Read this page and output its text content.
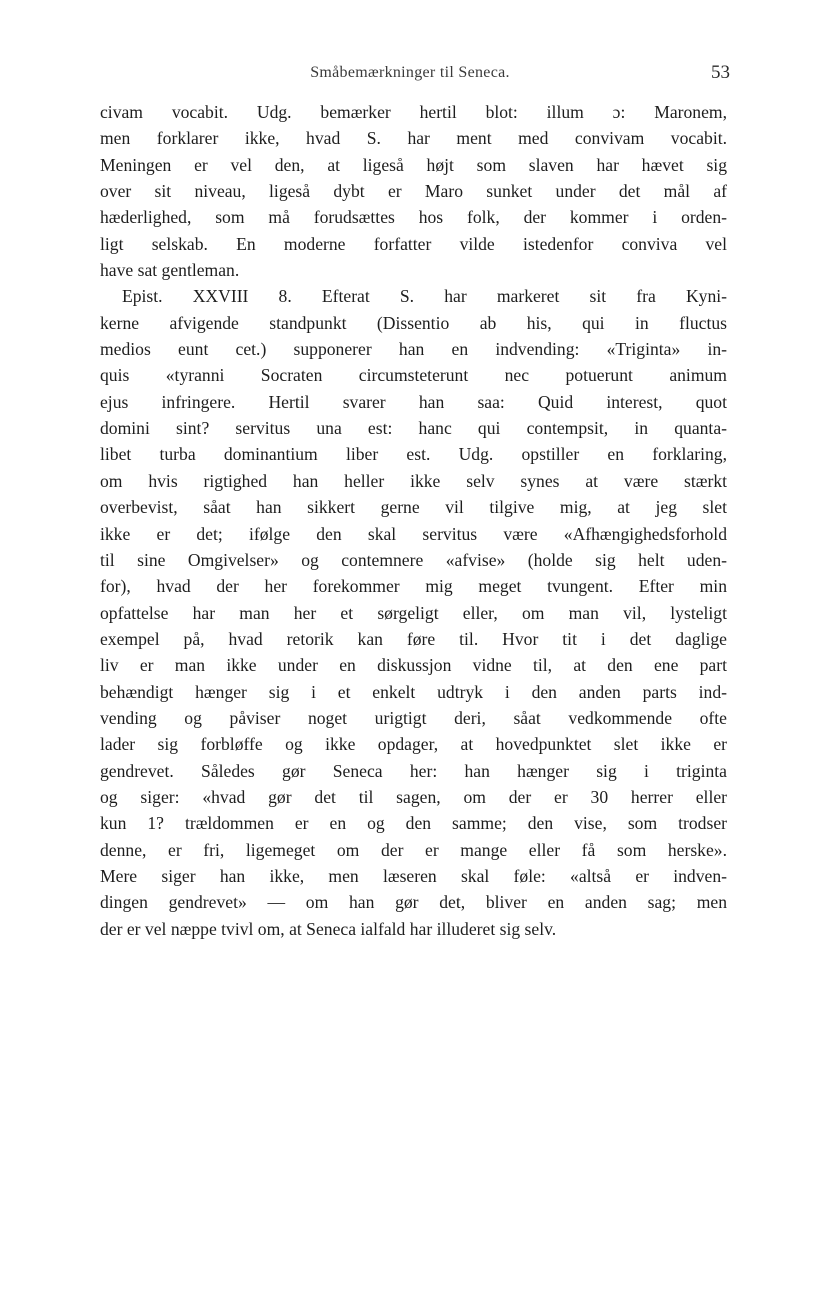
Småbemærkninger til Seneca.	53
civam vocabit. Udg. bemærker hertil blot: illum ɔ: Maronem,
men forklarer ikke, hvad S. har ment med convivam vocabit.
Meningen er vel den, at ligeså højt som slaven har hævet sig
over sit niveau, ligeså dybt er Maro sunket under det mål af
hæderlighed, som må forudsættes hos folk, der kommer i orden-
ligt selskab. En moderne forfatter vilde istedenfor conviva vel
have sat gentleman.
Epist. XXVIII 8. Efterat S. har markeret sit fra Kyni-
kerne afvigende standpunkt (Dissentio ab his, qui in fluctus
medios eunt cet.) supponerer han en indvending: «Triginta» in-
quis «tyranni Socraten circumsteterunt nec potuerunt animum
ejus infringere. Hertil svarer han saa: Quid interest, quot
domini sint? servitus una est: hanc qui contempsit, in quanta-
libet turba dominantium liber est. Udg. opstiller en forklaring,
om hvis rigtighed han heller ikke selv synes at være stærkt
overbevist, såat han sikkert gerne vil tilgive mig, at jeg slet
ikke er det; ifølge den skal servitus være «Afhængighedsforhold
til sine Omgivelser» og contemnere «afvise» (holde sig helt uden-
for), hvad der her forekommer mig meget tvungent. Efter min
opfattelse har man her et sørgeligt eller, om man vil, lysteligt
exempel på, hvad retorik kan føre til. Hvor tit i det daglige
liv er man ikke under en diskussjon vidne til, at den ene part
behændigt hænger sig i et enkelt udtryk i den anden parts ind-
vending og påviser noget urigtigt deri, såat vedkommende ofte
lader sig forbløffe og ikke opdager, at hovedpunktet slet ikke er
gendrevet. Således gør Seneca her: han hænger sig i triginta
og siger: «hvad gør det til sagen, om der er 30 herrer eller
kun 1? trældommen er en og den samme; den vise, som trodser
denne, er fri, ligemeget om der er mange eller få som herske».
Mere siger han ikke, men læseren skal føle: «altså er indven-
dingen gendrevet» — om han gør det, bliver en anden sag; men
der er vel næppe tvivl om, at Seneca ialfald har illuderet sig selv.
